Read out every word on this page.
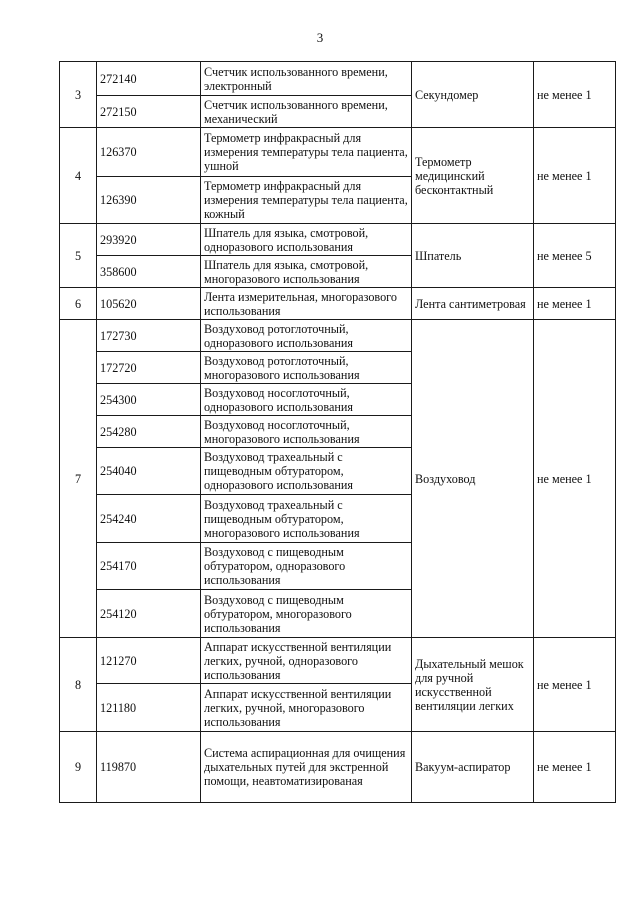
3
3	272140	Счетчик использованного времени, электронный	Секундомер	не менее 1
	272150	Счетчик использованного времени, механический		
4	126370	Термометр инфракрасный для измерения температуры тела пациента, ушной	Термометр медицинский бесконтактный	не менее 1
	126390	Термометр инфракрасный для измерения температуры тела пациента, кожный		
5	293920	Шпатель для языка, смотровой, одноразового использования	Шпатель	не менее 5
	358600	Шпатель для языка, смотровой, многоразового использования		
6	105620	Лента измерительная, многоразового использования	Лента сантиметровая	не менее 1
7	172730	Воздуховод ротоглоточный, одноразового использования	Воздуховод	не менее 1
	172720	Воздуховод ротоглоточный, многоразового использования		
	254300	Воздуховод носоглоточный, одноразового использования		
	254280	Воздуховод носоглоточный, многоразового использования		
	254040	Воздуховод трахеальный с пищеводным обтуратором, одноразового использования		
	254240	Воздуховод трахеальный с пищеводным обтуратором, многоразового использования		
	254170	Воздуховод с пищеводным обтуратором, одноразового использования		
	254120	Воздуховод с пищеводным обтуратором, многоразового использования		
8	121270	Аппарат искусственной вентиляции легких, ручной, одноразового использования	Дыхательный мешок для ручной искусственной вентиляции легких	не менее 1
	121180	Аппарат искусственной вентиляции легких, ручной, многоразового использования		
9	119870	Система аспирационная для очищения дыхательных путей для экстренной помощи, неавтоматизированая	Вакуум-аспиратор	не менее 1
